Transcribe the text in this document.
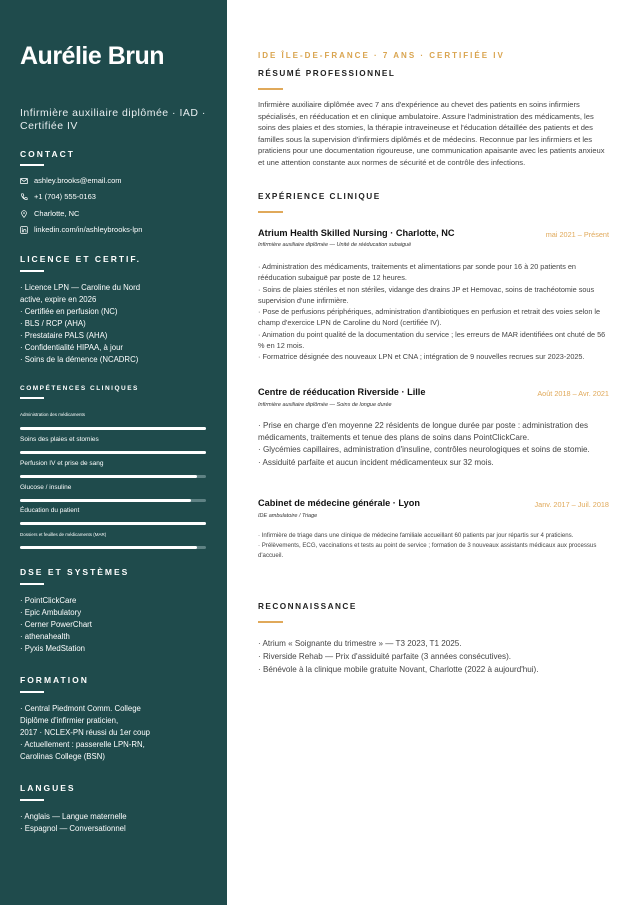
Aurélie Brun
Infirmière auxiliaire diplômée · IAD · Certifiée IV
CONTACT
ashley.brooks@email.com
+1 (704) 555-0163
Charlotte, NC
linkedin.com/in/ashleybrooks-lpn
LICENCE ET CERTIF.
· Licence LPN — Caroline du Nord
active, expire en 2026
· Certifiée en perfusion (NC)
· BLS / RCP (AHA)
· Prestataire PALS (AHA)
· Confidentialité HIPAA, à jour
· Soins de la démence (NCADRC)
COMPÉTENCES CLINIQUES
Administration des médicaments
Soins des plaies et stomies
Perfusion IV et prise de sang
Glucose / insuline
Éducation du patient
Dossiers et feuilles de médicaments (MAR)
DSE ET SYSTÈMES
· PointClickCare
· Epic Ambulatory
· Cerner PowerChart
· athenahealth
· Pyxis MedStation
FORMATION
· Central Piedmont Comm. College
Diplôme d'infirmier praticien,
2017 · NCLEX-PN réussi du 1er coup
· Actuellement : passerelle LPN-RN,
Carolinas College (BSN)
LANGUES
· Anglais — Langue maternelle
· Espagnol — Conversationnel
IDE ÎLE-DE-FRANCE · 7 ANS · CERTIFIÉE IV
RÉSUMÉ PROFESSIONNEL
Infirmière auxiliaire diplômée avec 7 ans d'expérience au chevet des patients en soins infirmiers spécialisés, en rééducation et en clinique ambulatoire. Assure l'administration des médicaments, les soins des plaies et des stomies, la thérapie intraveineuse et l'éducation détaillée des patients et des familles sous la supervision d'infirmiers diplômés et de médecins. Reconnue par les infirmiers et les praticiens pour une documentation rigoureuse, une communication apaisante avec les patients anxieux et une attention constante aux normes de sécurité et de contrôle des infections.
EXPÉRIENCE CLINIQUE
Atrium Health Skilled Nursing · Charlotte, NC	mai 2021 – Présent
Infirmière auxiliaire diplômée — Unité de rééducation subaiguë
· Administration des médicaments, traitements et alimentations par sonde pour 16 à 20 patients en rééducation subaiguë par poste de 12 heures.
· Soins de plaies stériles et non stériles, vidange des drains JP et Hemovac, soins de trachéotomie sous supervision d'une infirmière.
· Pose de perfusions périphériques, administration d'antibiotiques en perfusion et retrait des voies selon le champ d'exercice LPN de Caroline du Nord (certifiée IV).
· Animation du point qualité de la documentation du service ; les erreurs de MAR identifiées ont chuté de 56 % en 12 mois.
· Formatrice désignée des nouveaux LPN et CNA ; intégration de 9 nouvelles recrues sur 2023-2025.
Centre de rééducation Riverside · Lille	Août 2018 – Avr. 2021
Infirmière auxiliaire diplômée — Soins de longue durée
· Prise en charge d'en moyenne 22 résidents de longue durée par poste : administration des médicaments, traitements et tenue des plans de soins dans PointClickCare.
· Glycémies capillaires, administration d'insuline, contrôles neurologiques et soins de stomie.
· Assiduité parfaite et aucun incident médicamenteux sur 32 mois.
Cabinet de médecine générale · Lyon	Janv. 2017 – Juil. 2018
IDE ambulatoire / Triage
· Infirmière de triage dans une clinique de médecine familiale accueillant 60 patients par jour répartis sur 4 praticiens.
· Prélèvements, ECG, vaccinations et tests au point de service ; formation de 3 nouveaux assistants médicaux aux processus d'accueil.
RECONNAISSANCE
· Atrium « Soignante du trimestre » — T3 2023, T1 2025.
· Riverside Rehab — Prix d'assiduité parfaite (3 années consécutives).
· Bénévole à la clinique mobile gratuite Novant, Charlotte (2022 à aujourd'hui).
